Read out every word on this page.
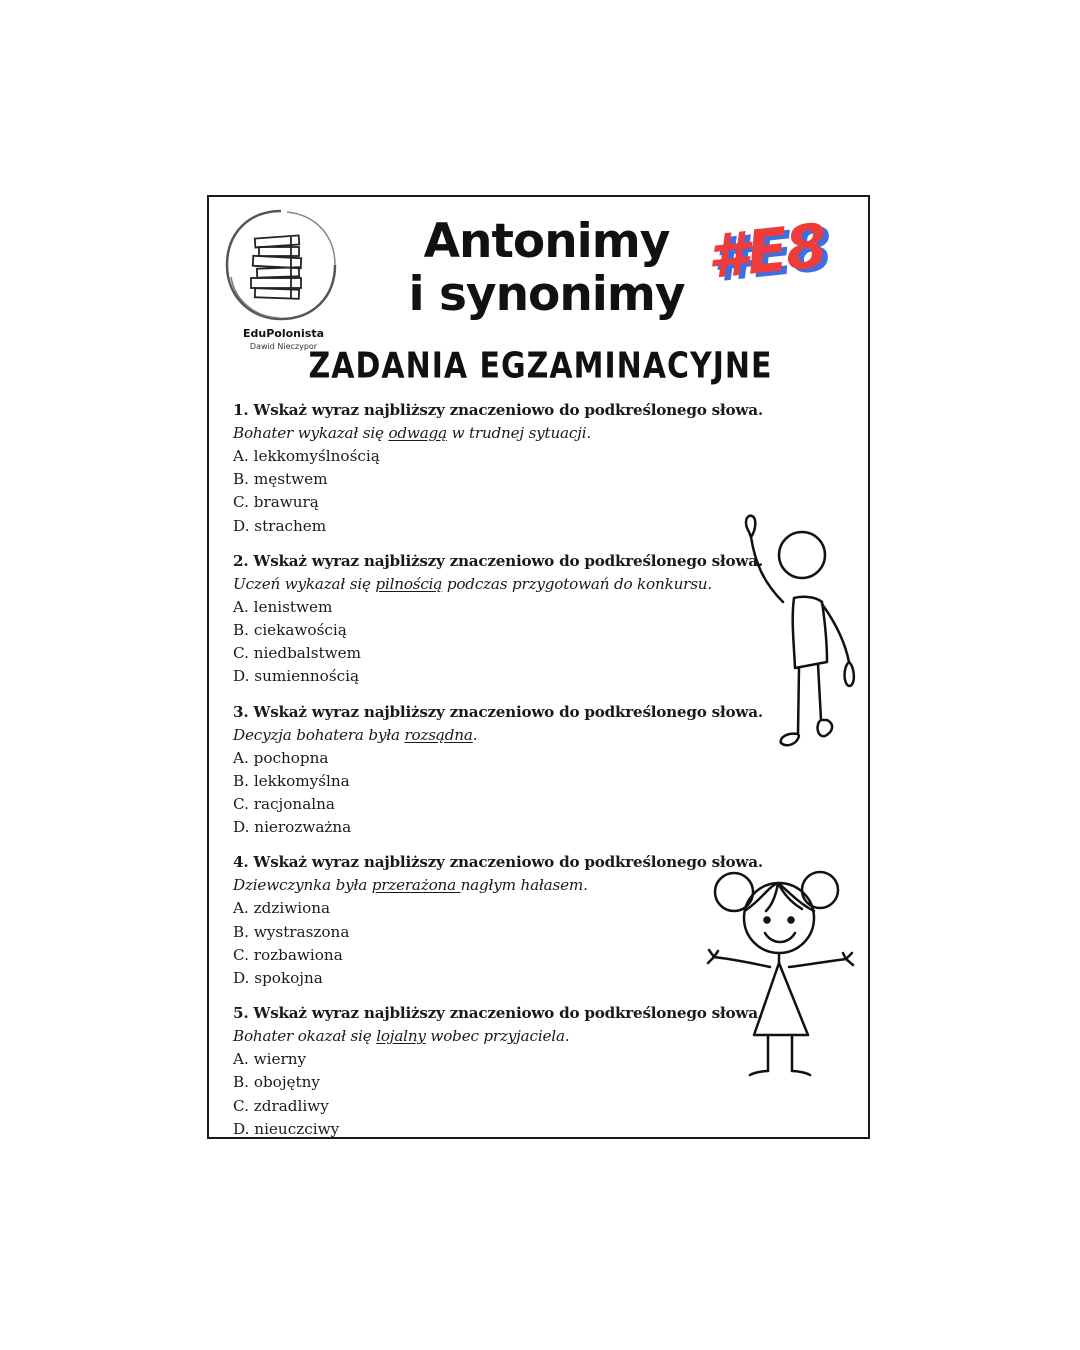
EduPolonista
Dawid Nieczypor
Antonimy
i synonimy
#E8
ZADANIA EGZAMINACYJNE
1. Wskaż wyraz najbliższy znaczeniowo do podkreślonego słowa.
Bohater wykazał się odwagą w trudnej sytuacji.
A. lekkomyślnością
B. męstwem
C. brawurą
D. strachem
2. Wskaż wyraz najbliższy znaczeniowo do podkreślonego słowa.
Uczeń wykazał się pilnością podczas przygotowań do konkursu.
A. lenistwem
B. ciekawością
C. niedbalstwem
D. sumiennością
3. Wskaż wyraz najbliższy znaczeniowo do podkreślonego słowa.
Decyzja bohatera była rozsądna.
A. pochopna
B. lekkomyślna
C. racjonalna
D. nierozważna
4. Wskaż wyraz najbliższy znaczeniowo do podkreślonego słowa.
Dziewczynka była przerażona nagłym hałasem.
A. zdziwiona
B. wystraszona
C. rozbawiona
D. spokojna
5. Wskaż wyraz najbliższy znaczeniowo do podkreślonego słowa.
Bohater okazał się lojalny wobec przyjaciela.
A. wierny
B. obojętny
C. zdradliwy
D. nieuczciwy
